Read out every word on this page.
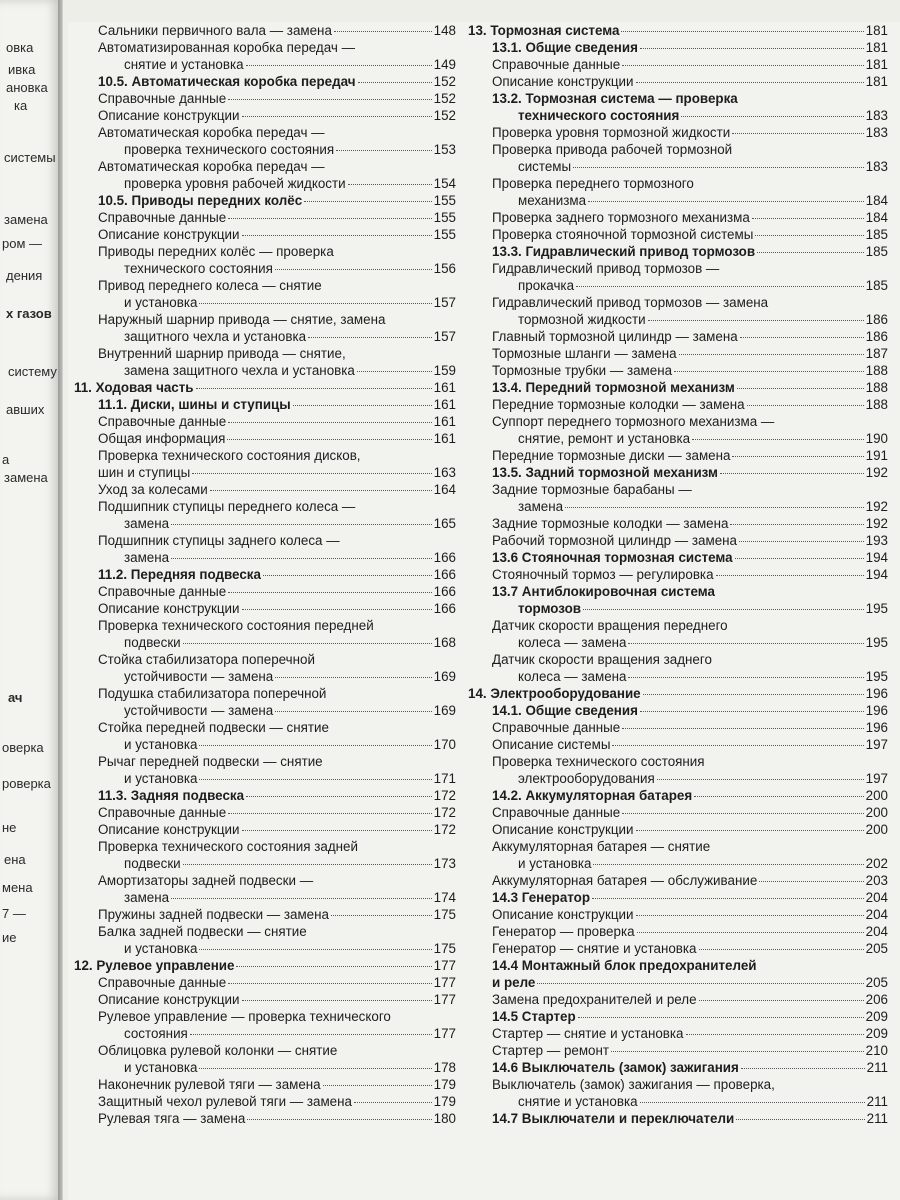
овка
ивка
ановка
ка
системы
замена
ром —
дения
х газов
систему
авших
а
замена
ач
оверка
роверка
не
ена
мена
7 —
ие
Сальники первичного вала — замена	148
Автоматизированная коробка передач —
снятие и установка	149
10.5. Автоматическая коробка передач	152
Справочные данные	152
Описание конструкции	152
Автоматическая коробка передач —
проверка технического состояния	153
Автоматическая коробка передач —
проверка уровня рабочей жидкости	154
10.5. Приводы передних колёс	155
Справочные данные	155
Описание конструкции	155
Приводы передних колёс — проверка
технического состояния	156
Привод переднего колеса — снятие
и установка	157
Наружный шарнир привода — снятие, замена
защитного чехла и установка	157
Внутренний шарнир привода — снятие,
замена защитного чехла и установка	159
11. Ходовая часть	161
11.1. Диски, шины и ступицы	161
Справочные данные	161
Общая информация	161
Проверка технического состояния дисков,
шин и ступицы	163
Уход за колесами	164
Подшипник ступицы переднего колеса —
замена	165
Подшипник ступицы заднего колеса —
замена	166
11.2. Передняя подвеска	166
Справочные данные	166
Описание конструкции	166
Проверка технического состояния передней
подвески	168
Стойка стабилизатора поперечной
устойчивости — замена	169
Подушка стабилизатора поперечной
устойчивости — замена	169
Стойка передней подвески — снятие
и установка	170
Рычаг передней подвески — снятие
и установка	171
11.3. Задняя подвеска	172
Справочные данные	172
Описание конструкции	172
Проверка технического состояния задней
подвески	173
Амортизаторы задней подвески —
замена	174
Пружины задней подвески — замена	175
Балка задней подвески — снятие
и установка	175
12. Рулевое управление	177
Справочные данные	177
Описание конструкции	177
Рулевое управление — проверка технического
состояния	177
Облицовка рулевой колонки — снятие
и установка	178
Наконечник рулевой тяги — замена	179
Защитный чехол рулевой тяги — замена	179
Рулевая тяга — замена	180
13. Тормозная система	181
13.1. Общие сведения	181
Справочные данные	181
Описание конструкции	181
13.2. Тормозная система — проверка
технического состояния	183
Проверка уровня тормозной жидкости	183
Проверка привода рабочей тормозной
системы	183
Проверка переднего тормозного
механизма	184
Проверка заднего тормозного механизма	184
Проверка стояночной тормозной системы	185
13.3. Гидравлический привод тормозов	185
Гидравлический привод тормозов —
прокачка	185
Гидравлический привод тормозов — замена
тормозной жидкости	186
Главный тормозной цилиндр — замена	186
Тормозные шланги — замена	187
Тормозные трубки — замена	188
13.4. Передний тормозной механизм	188
Передние тормозные колодки — замена	188
Суппорт переднего тормозного механизма —
снятие, ремонт и установка	190
Передние тормозные диски — замена	191
13.5. Задний тормозной механизм	192
Задние тормозные барабаны —
замена	192
Задние тормозные колодки — замена	192
Рабочий тормозной цилиндр — замена	193
13.6 Стояночная тормозная система	194
Стояночный тормоз — регулировка	194
13.7 Антиблокировочная система
тормозов	195
Датчик скорости вращения переднего
колеса — замена	195
Датчик скорости вращения заднего
колеса — замена	195
14. Электрооборудование	196
14.1. Общие сведения	196
Справочные данные	196
Описание системы	197
Проверка технического состояния
электрооборудования	197
14.2. Аккумуляторная батарея	200
Справочные данные	200
Описание конструкции	200
Аккумуляторная батарея — снятие
и установка	202
Аккумуляторная батарея — обслуживание	203
14.3 Генератор	204
Описание конструкции	204
Генератор — проверка	204
Генератор — снятие и установка	205
14.4 Монтажный блок предохранителей
и реле	205
Замена предохранителей и реле	206
14.5 Стартер	209
Стартер — снятие и установка	209
Стартер — ремонт	210
14.6 Выключатель (замок) зажигания	211
Выключатель (замок) зажигания — проверка,
снятие и установка	211
14.7 Выключатели и переключатели	211
